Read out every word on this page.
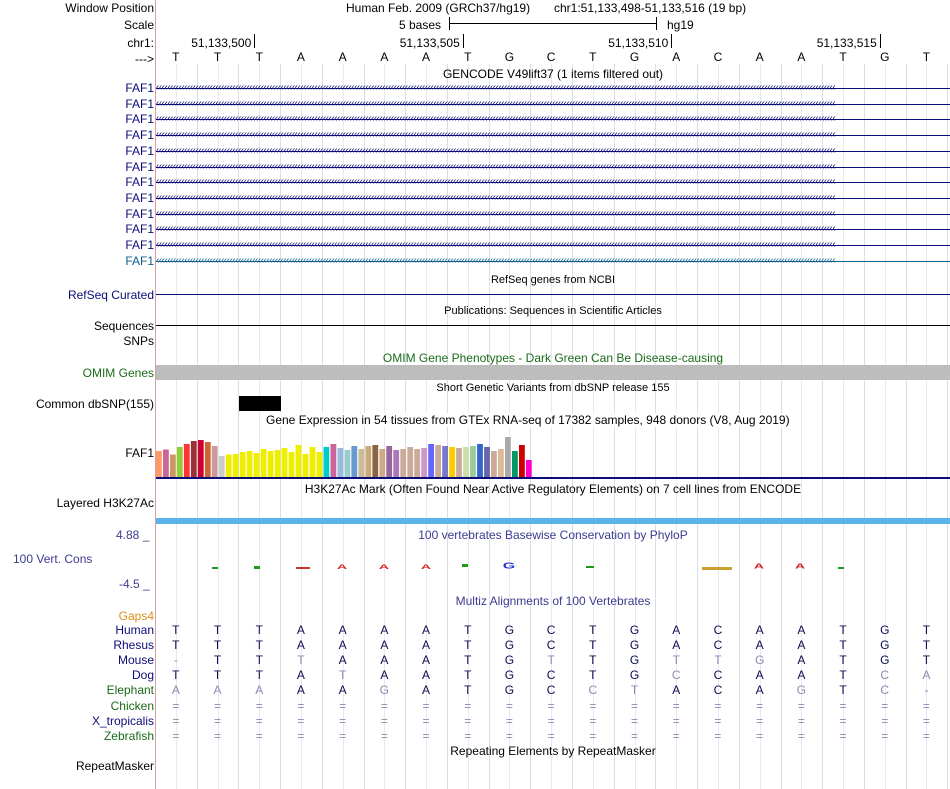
Window Position	Human Feb. 2009 (GRCh37/hg19) chr1:51,133,498-51,133,516 (19 bp)
Scale	5 bases	hg19
chr1:	51,133,500	51,133,505	51,133,510	51,133,515
--->	T	T	T	A	A	A	A	T	G	C	T	G	A	C	A	A	T	G	T
GENCODE V49lift37 (1 items filtered out)
FAF1 ‹‹‹‹‹‹‹‹‹‹‹‹‹‹‹‹‹‹‹‹‹‹‹‹‹‹‹‹‹‹‹‹‹‹‹‹‹‹‹‹‹‹‹‹‹‹‹‹‹‹‹‹‹‹‹‹‹‹‹‹‹‹‹‹‹‹‹‹‹‹‹‹‹‹‹‹‹‹‹‹‹‹‹‹‹‹‹‹‹‹‹‹‹‹‹‹‹‹‹‹‹‹‹‹‹‹‹‹‹‹‹‹‹‹‹‹‹‹‹‹‹‹‹‹‹‹‹‹‹‹‹‹‹‹‹‹‹‹‹‹‹‹‹‹‹‹‹‹‹‹‹‹‹‹‹‹‹‹‹‹‹‹‹‹‹‹‹‹‹‹‹‹‹‹‹‹‹‹‹‹‹‹‹‹‹‹‹‹‹‹‹‹‹‹‹‹‹‹‹‹‹‹‹‹‹‹‹‹‹‹‹‹‹‹‹‹‹‹‹‹‹‹‹‹‹‹‹‹‹‹‹‹‹‹‹‹‹‹‹‹
FAF1 ‹‹‹‹‹‹‹‹‹‹‹‹‹‹‹‹‹‹‹‹‹‹‹‹‹‹‹‹‹‹‹‹‹‹‹‹‹‹‹‹‹‹‹‹‹‹‹‹‹‹‹‹‹‹‹‹‹‹‹‹‹‹‹‹‹‹‹‹‹‹‹‹‹‹‹‹‹‹‹‹‹‹‹‹‹‹‹‹‹‹‹‹‹‹‹‹‹‹‹‹‹‹‹‹‹‹‹‹‹‹‹‹‹‹‹‹‹‹‹‹‹‹‹‹‹‹‹‹‹‹‹‹‹‹‹‹‹‹‹‹‹‹‹‹‹‹‹‹‹‹‹‹‹‹‹‹‹‹‹‹‹‹‹‹‹‹‹‹‹‹‹‹‹‹‹‹‹‹‹‹‹‹‹‹‹‹‹‹‹‹‹‹‹‹‹‹‹‹‹‹‹‹‹‹‹‹‹‹‹‹‹‹‹‹‹‹‹‹‹‹‹‹‹‹‹‹‹‹‹‹‹‹‹‹‹‹‹‹‹‹
FAF1 ‹‹‹‹‹‹‹‹‹‹‹‹‹‹‹‹‹‹‹‹‹‹‹‹‹‹‹‹‹‹‹‹‹‹‹‹‹‹‹‹‹‹‹‹‹‹‹‹‹‹‹‹‹‹‹‹‹‹‹‹‹‹‹‹‹‹‹‹‹‹‹‹‹‹‹‹‹‹‹‹‹‹‹‹‹‹‹‹‹‹‹‹‹‹‹‹‹‹‹‹‹‹‹‹‹‹‹‹‹‹‹‹‹‹‹‹‹‹‹‹‹‹‹‹‹‹‹‹‹‹‹‹‹‹‹‹‹‹‹‹‹‹‹‹‹‹‹‹‹‹‹‹‹‹‹‹‹‹‹‹‹‹‹‹‹‹‹‹‹‹‹‹‹‹‹‹‹‹‹‹‹‹‹‹‹‹‹‹‹‹‹‹‹‹‹‹‹‹‹‹‹‹‹‹‹‹‹‹‹‹‹‹‹‹‹‹‹‹‹‹‹‹‹‹‹‹‹‹‹‹‹‹‹‹‹‹‹‹‹‹
FAF1 ‹‹‹‹‹‹‹‹‹‹‹‹‹‹‹‹‹‹‹‹‹‹‹‹‹‹‹‹‹‹‹‹‹‹‹‹‹‹‹‹‹‹‹‹‹‹‹‹‹‹‹‹‹‹‹‹‹‹‹‹‹‹‹‹‹‹‹‹‹‹‹‹‹‹‹‹‹‹‹‹‹‹‹‹‹‹‹‹‹‹‹‹‹‹‹‹‹‹‹‹‹‹‹‹‹‹‹‹‹‹‹‹‹‹‹‹‹‹‹‹‹‹‹‹‹‹‹‹‹‹‹‹‹‹‹‹‹‹‹‹‹‹‹‹‹‹‹‹‹‹‹‹‹‹‹‹‹‹‹‹‹‹‹‹‹‹‹‹‹‹‹‹‹‹‹‹‹‹‹‹‹‹‹‹‹‹‹‹‹‹‹‹‹‹‹‹‹‹‹‹‹‹‹‹‹‹‹‹‹‹‹‹‹‹‹‹‹‹‹‹‹‹‹‹‹‹‹‹‹‹‹‹‹‹‹‹‹‹‹‹
FAF1 ‹‹‹‹‹‹‹‹‹‹‹‹‹‹‹‹‹‹‹‹‹‹‹‹‹‹‹‹‹‹‹‹‹‹‹‹‹‹‹‹‹‹‹‹‹‹‹‹‹‹‹‹‹‹‹‹‹‹‹‹‹‹‹‹‹‹‹‹‹‹‹‹‹‹‹‹‹‹‹‹‹‹‹‹‹‹‹‹‹‹‹‹‹‹‹‹‹‹‹‹‹‹‹‹‹‹‹‹‹‹‹‹‹‹‹‹‹‹‹‹‹‹‹‹‹‹‹‹‹‹‹‹‹‹‹‹‹‹‹‹‹‹‹‹‹‹‹‹‹‹‹‹‹‹‹‹‹‹‹‹‹‹‹‹‹‹‹‹‹‹‹‹‹‹‹‹‹‹‹‹‹‹‹‹‹‹‹‹‹‹‹‹‹‹‹‹‹‹‹‹‹‹‹‹‹‹‹‹‹‹‹‹‹‹‹‹‹‹‹‹‹‹‹‹‹‹‹‹‹‹‹‹‹‹‹‹‹‹‹‹
FAF1 ‹‹‹‹‹‹‹‹‹‹‹‹‹‹‹‹‹‹‹‹‹‹‹‹‹‹‹‹‹‹‹‹‹‹‹‹‹‹‹‹‹‹‹‹‹‹‹‹‹‹‹‹‹‹‹‹‹‹‹‹‹‹‹‹‹‹‹‹‹‹‹‹‹‹‹‹‹‹‹‹‹‹‹‹‹‹‹‹‹‹‹‹‹‹‹‹‹‹‹‹‹‹‹‹‹‹‹‹‹‹‹‹‹‹‹‹‹‹‹‹‹‹‹‹‹‹‹‹‹‹‹‹‹‹‹‹‹‹‹‹‹‹‹‹‹‹‹‹‹‹‹‹‹‹‹‹‹‹‹‹‹‹‹‹‹‹‹‹‹‹‹‹‹‹‹‹‹‹‹‹‹‹‹‹‹‹‹‹‹‹‹‹‹‹‹‹‹‹‹‹‹‹‹‹‹‹‹‹‹‹‹‹‹‹‹‹‹‹‹‹‹‹‹‹‹‹‹‹‹‹‹‹‹‹‹‹‹‹‹‹
FAF1 ‹‹‹‹‹‹‹‹‹‹‹‹‹‹‹‹‹‹‹‹‹‹‹‹‹‹‹‹‹‹‹‹‹‹‹‹‹‹‹‹‹‹‹‹‹‹‹‹‹‹‹‹‹‹‹‹‹‹‹‹‹‹‹‹‹‹‹‹‹‹‹‹‹‹‹‹‹‹‹‹‹‹‹‹‹‹‹‹‹‹‹‹‹‹‹‹‹‹‹‹‹‹‹‹‹‹‹‹‹‹‹‹‹‹‹‹‹‹‹‹‹‹‹‹‹‹‹‹‹‹‹‹‹‹‹‹‹‹‹‹‹‹‹‹‹‹‹‹‹‹‹‹‹‹‹‹‹‹‹‹‹‹‹‹‹‹‹‹‹‹‹‹‹‹‹‹‹‹‹‹‹‹‹‹‹‹‹‹‹‹‹‹‹‹‹‹‹‹‹‹‹‹‹‹‹‹‹‹‹‹‹‹‹‹‹‹‹‹‹‹‹‹‹‹‹‹‹‹‹‹‹‹‹‹‹‹‹‹‹‹
FAF1 ‹‹‹‹‹‹‹‹‹‹‹‹‹‹‹‹‹‹‹‹‹‹‹‹‹‹‹‹‹‹‹‹‹‹‹‹‹‹‹‹‹‹‹‹‹‹‹‹‹‹‹‹‹‹‹‹‹‹‹‹‹‹‹‹‹‹‹‹‹‹‹‹‹‹‹‹‹‹‹‹‹‹‹‹‹‹‹‹‹‹‹‹‹‹‹‹‹‹‹‹‹‹‹‹‹‹‹‹‹‹‹‹‹‹‹‹‹‹‹‹‹‹‹‹‹‹‹‹‹‹‹‹‹‹‹‹‹‹‹‹‹‹‹‹‹‹‹‹‹‹‹‹‹‹‹‹‹‹‹‹‹‹‹‹‹‹‹‹‹‹‹‹‹‹‹‹‹‹‹‹‹‹‹‹‹‹‹‹‹‹‹‹‹‹‹‹‹‹‹‹‹‹‹‹‹‹‹‹‹‹‹‹‹‹‹‹‹‹‹‹‹‹‹‹‹‹‹‹‹‹‹‹‹‹‹‹‹‹‹‹
FAF1 ‹‹‹‹‹‹‹‹‹‹‹‹‹‹‹‹‹‹‹‹‹‹‹‹‹‹‹‹‹‹‹‹‹‹‹‹‹‹‹‹‹‹‹‹‹‹‹‹‹‹‹‹‹‹‹‹‹‹‹‹‹‹‹‹‹‹‹‹‹‹‹‹‹‹‹‹‹‹‹‹‹‹‹‹‹‹‹‹‹‹‹‹‹‹‹‹‹‹‹‹‹‹‹‹‹‹‹‹‹‹‹‹‹‹‹‹‹‹‹‹‹‹‹‹‹‹‹‹‹‹‹‹‹‹‹‹‹‹‹‹‹‹‹‹‹‹‹‹‹‹‹‹‹‹‹‹‹‹‹‹‹‹‹‹‹‹‹‹‹‹‹‹‹‹‹‹‹‹‹‹‹‹‹‹‹‹‹‹‹‹‹‹‹‹‹‹‹‹‹‹‹‹‹‹‹‹‹‹‹‹‹‹‹‹‹‹‹‹‹‹‹‹‹‹‹‹‹‹‹‹‹‹‹‹‹‹‹‹‹‹
FAF1 ‹‹‹‹‹‹‹‹‹‹‹‹‹‹‹‹‹‹‹‹‹‹‹‹‹‹‹‹‹‹‹‹‹‹‹‹‹‹‹‹‹‹‹‹‹‹‹‹‹‹‹‹‹‹‹‹‹‹‹‹‹‹‹‹‹‹‹‹‹‹‹‹‹‹‹‹‹‹‹‹‹‹‹‹‹‹‹‹‹‹‹‹‹‹‹‹‹‹‹‹‹‹‹‹‹‹‹‹‹‹‹‹‹‹‹‹‹‹‹‹‹‹‹‹‹‹‹‹‹‹‹‹‹‹‹‹‹‹‹‹‹‹‹‹‹‹‹‹‹‹‹‹‹‹‹‹‹‹‹‹‹‹‹‹‹‹‹‹‹‹‹‹‹‹‹‹‹‹‹‹‹‹‹‹‹‹‹‹‹‹‹‹‹‹‹‹‹‹‹‹‹‹‹‹‹‹‹‹‹‹‹‹‹‹‹‹‹‹‹‹‹‹‹‹‹‹‹‹‹‹‹‹‹‹‹‹‹‹‹‹
FAF1 ‹‹‹‹‹‹‹‹‹‹‹‹‹‹‹‹‹‹‹‹‹‹‹‹‹‹‹‹‹‹‹‹‹‹‹‹‹‹‹‹‹‹‹‹‹‹‹‹‹‹‹‹‹‹‹‹‹‹‹‹‹‹‹‹‹‹‹‹‹‹‹‹‹‹‹‹‹‹‹‹‹‹‹‹‹‹‹‹‹‹‹‹‹‹‹‹‹‹‹‹‹‹‹‹‹‹‹‹‹‹‹‹‹‹‹‹‹‹‹‹‹‹‹‹‹‹‹‹‹‹‹‹‹‹‹‹‹‹‹‹‹‹‹‹‹‹‹‹‹‹‹‹‹‹‹‹‹‹‹‹‹‹‹‹‹‹‹‹‹‹‹‹‹‹‹‹‹‹‹‹‹‹‹‹‹‹‹‹‹‹‹‹‹‹‹‹‹‹‹‹‹‹‹‹‹‹‹‹‹‹‹‹‹‹‹‹‹‹‹‹‹‹‹‹‹‹‹‹‹‹‹‹‹‹‹‹‹‹‹‹
FAF1 ‹‹‹‹‹‹‹‹‹‹‹‹‹‹‹‹‹‹‹‹‹‹‹‹‹‹‹‹‹‹‹‹‹‹‹‹‹‹‹‹‹‹‹‹‹‹‹‹‹‹‹‹‹‹‹‹‹‹‹‹‹‹‹‹‹‹‹‹‹‹‹‹‹‹‹‹‹‹‹‹‹‹‹‹‹‹‹‹‹‹‹‹‹‹‹‹‹‹‹‹‹‹‹‹‹‹‹‹‹‹‹‹‹‹‹‹‹‹‹‹‹‹‹‹‹‹‹‹‹‹‹‹‹‹‹‹‹‹‹‹‹‹‹‹‹‹‹‹‹‹‹‹‹‹‹‹‹‹‹‹‹‹‹‹‹‹‹‹‹‹‹‹‹‹‹‹‹‹‹‹‹‹‹‹‹‹‹‹‹‹‹‹‹‹‹‹‹‹‹‹‹‹‹‹‹‹‹‹‹‹‹‹‹‹‹‹‹‹‹‹‹‹‹‹‹‹‹‹‹‹‹‹‹‹‹‹‹‹‹‹
RefSeq genes from NCBI
RefSeq Curated
Publications: Sequences in Scientific Articles
Sequences
SNPs
OMIM Gene Phenotypes - Dark Green Can Be Disease-causing
OMIM Genes
Short Genetic Variants from dbSNP release 155
Common dbSNP(155)
Gene Expression in 54 tissues from GTEx RNA-seq of 17382 samples, 948 donors (V8, Aug 2019)
FAF1
H3K27Ac Mark (Often Found Near Active Regulatory Elements) on 7 cell lines from ENCODE
Layered H3K27Ac
100 vertebrates Basewise Conservation by PhyloP
4.88 _
100 Vert. Cons
-4.5 _
A A A	A A
G
Multiz Alignments of 100 Vertebrates
Gaps4
Human	T	T	T	A	A	A	A	T	G	C	T	G	A	C	A	A	T	G	T
Rhesus	T	T	T	A	A	A	A	T	G	C	T	G	A	C	A	A	T	G	T
Mouse	-	T	T	T	A	A	A	T	G	T	T	G	T	T	G	A	T	G	T
Dog	T	T	T	A	T	A	A	T	G	C	T	G	C	C	A	A	T	C	A
Elephant	A	A	A	A	A	G	A	T	G	C	C	T	A	C	A	G	T	C	-
Chicken	=	=	=	=	=	=	=	=	=	=	=	=	=	=	=	=	=	=	=
X_tropicalis	=	=	=	=	=	=	=	=	=	=	=	=	=	=	=	=	=	=	=
Zebrafish	=	=	=	=	=	=	=	=	=	=	=	=	=	=	=	=	=	=	=
Repeating Elements by RepeatMasker
RepeatMasker
